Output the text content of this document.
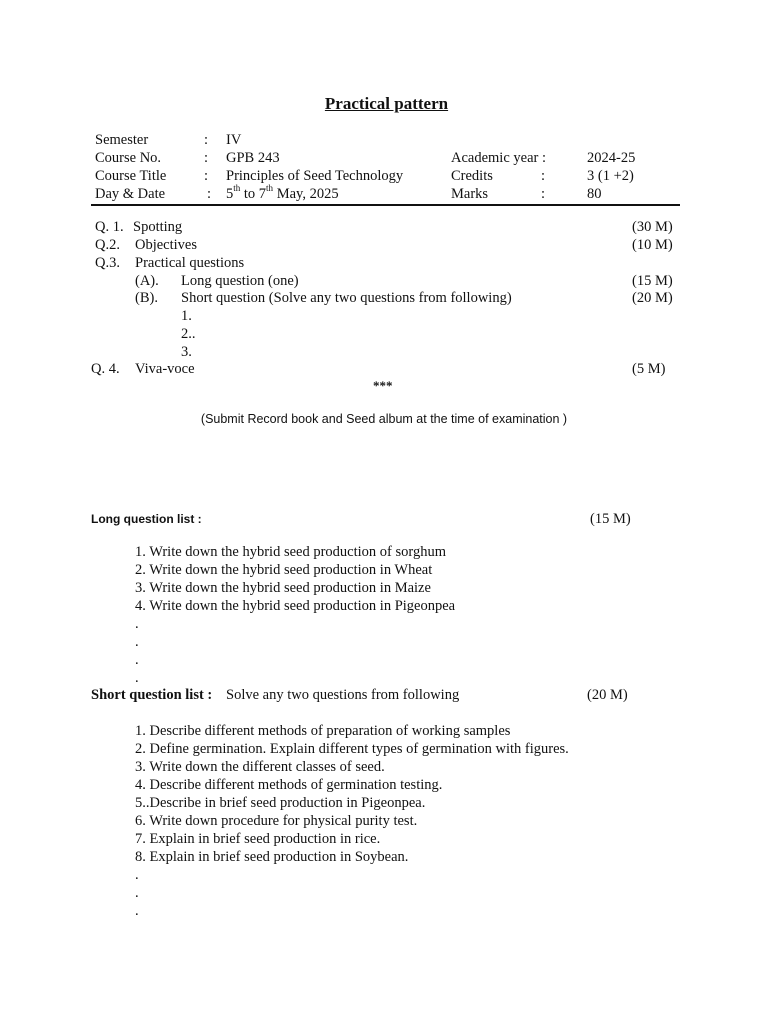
Practical pattern
Semester	: IV
Course No.	: GPB 243	Academic year :	2024-25
Course Title	: Principles of Seed Technology	Credits	:	3 (1 +2)
Day & Date	: 5th to 7th May, 2025	Marks	:	80
Q. 1. Spotting	(30 M)
Q.2. Objectives	(10 M)
Q.3. Practical questions
(A). Long question (one)	(15 M)
(B). Short question (Solve any two questions from following)	(20 M)
1.
2..
3.
Q. 4. Viva-voce	(5 M)
***
(Submit Record book and Seed album at the time of examination )
Long question list :	(15 M)
1. Write down the hybrid seed production of sorghum
2. Write down the hybrid seed production in Wheat
3. Write down the hybrid seed production in Maize
4. Write down the hybrid seed production in Pigeonpea
.
.
.
.
Short question list : Solve any two questions from following	(20 M)
1. Describe different methods of preparation of working samples
2. Define germination. Explain different types of germination with figures.
3. Write down the different classes of seed.
4. Describe different methods of germination testing.
5..Describe in brief seed production in Pigeonpea.
6. Write down procedure for physical purity test.
7. Explain in brief seed production in rice.
8. Explain in brief seed production in Soybean.
.
.
.
